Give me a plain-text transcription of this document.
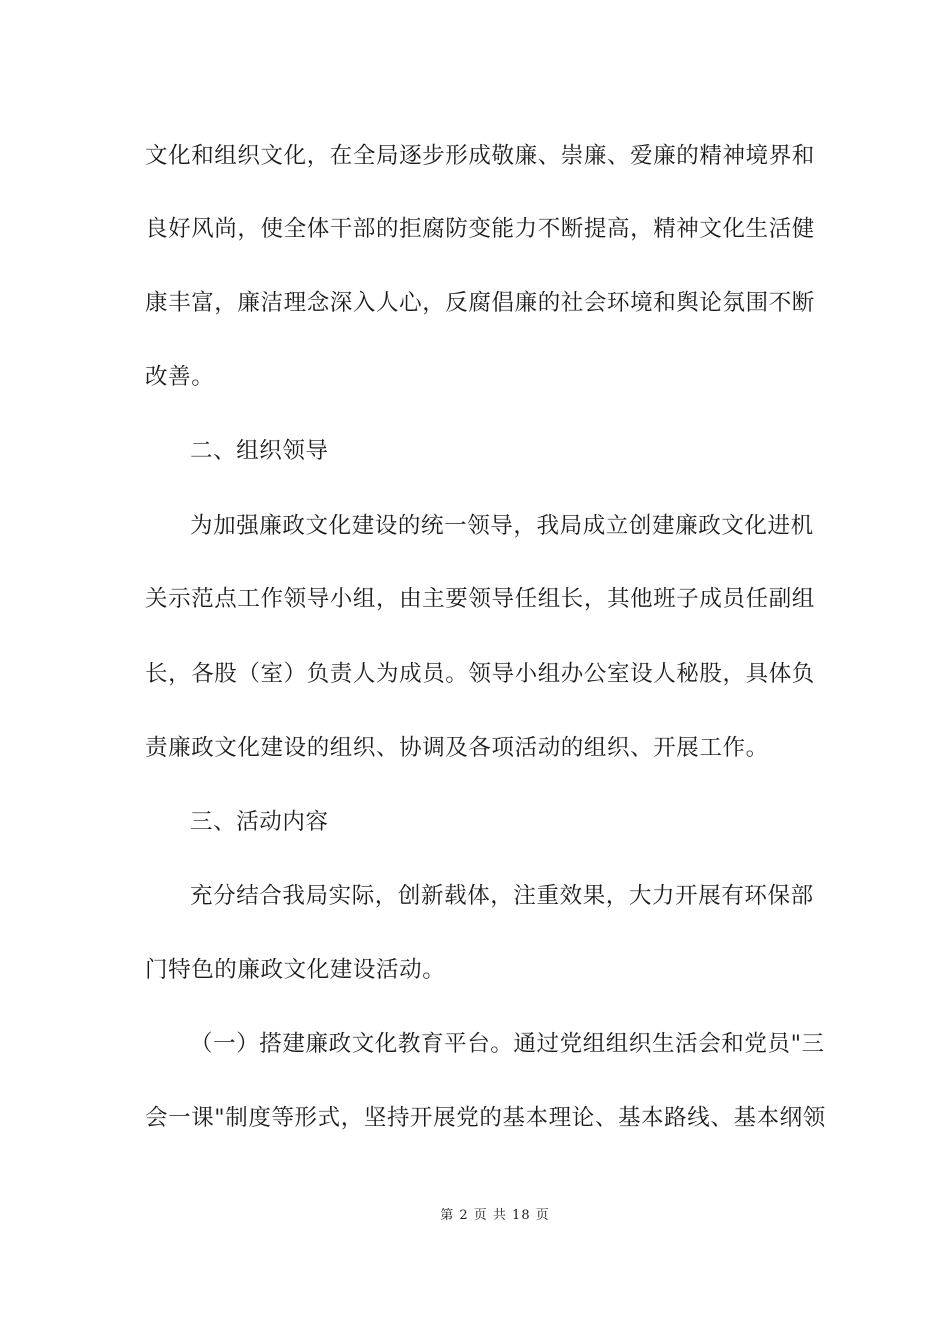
文化和组织文化，在全局逐步形成敬廉、崇廉、爱廉的精神境界和
良好风尚，使全体干部的拒腐防变能力不断提高，精神文化生活健
康丰富，廉洁理念深入人心，反腐倡廉的社会环境和舆论氛围不断
改善。
二、组织领导
为加强廉政文化建设的统一领导，我局成立创建廉政文化进机
关示范点工作领导小组，由主要领导任组长，其他班子成员任副组
长，各股（室）负责人为成员。领导小组办公室设人秘股，具体负
责廉政文化建设的组织、协调及各项活动的组织、开展工作。
三、活动内容
充分结合我局实际，创新载体，注重效果，大力开展有环保部
门特色的廉政文化建设活动。
（一）搭建廉政文化教育平台。通过党组组织生活会和党员"三
会一课"制度等形式，坚持开展党的基本理论、基本路线、基本纲领
第 2 页 共 18 页
